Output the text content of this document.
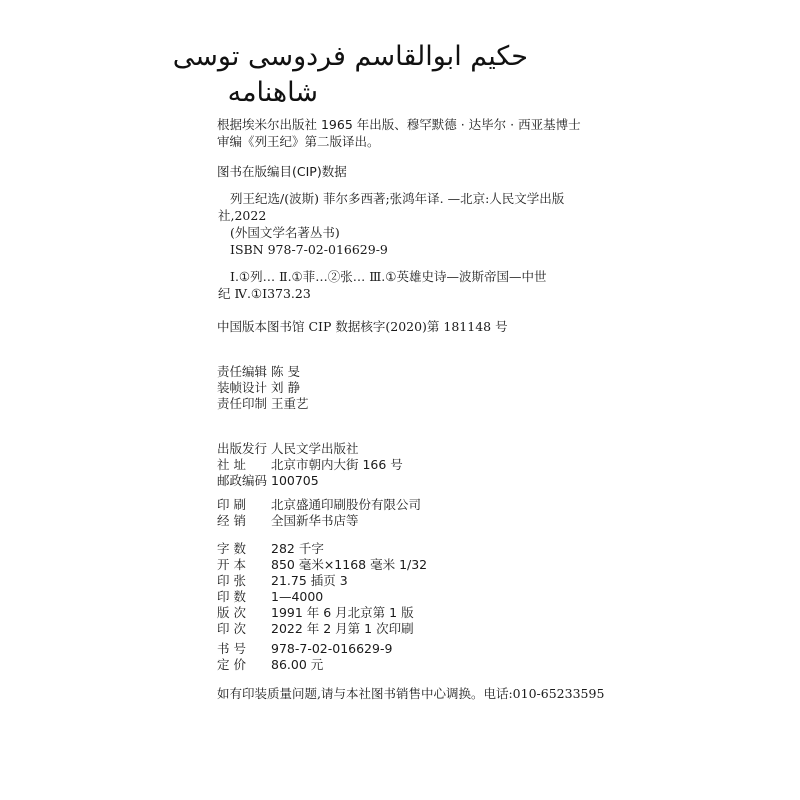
حکیم ابوالقاسم فردوسی توسی
شاهنامه
根据埃米尔出版社 1965 年出版、穆罕默德 · 达毕尔 · 西亚基博士
审编《列王纪》第二版译出。
图书在版编目(CIP)数据
列王纪选/(波斯) 菲尔多西著;张鸿年译. —北京:人民文学出版
社,2022
(外国文学名著丛书)
ISBN 978-7-02-016629-9
Ⅰ.①列… Ⅱ.①菲…②张… Ⅲ.①英雄史诗—波斯帝国—中世
纪 Ⅳ.①I373.23
中国版本图书馆 CIP 数据核字(2020)第 181148 号
责任编辑 陈 旻
装帧设计 刘 静
责任印制 王重艺
出版发行 人民文学出版社
社 址	北京市朝内大街 166 号
邮政编码 100705
印 刷	北京盛通印刷股份有限公司
经 销	全国新华书店等
字 数	282 千字
开 本	850 毫米×1168 毫米 1/32
印 张	21.75 插页 3
印 数	1—4000
版 次	1991 年 6 月北京第 1 版
印 次	2022 年 2 月第 1 次印刷
书 号	978-7-02-016629-9
定 价	86.00 元
如有印装质量问题,请与本社图书销售中心调换。电话:010-65233595
